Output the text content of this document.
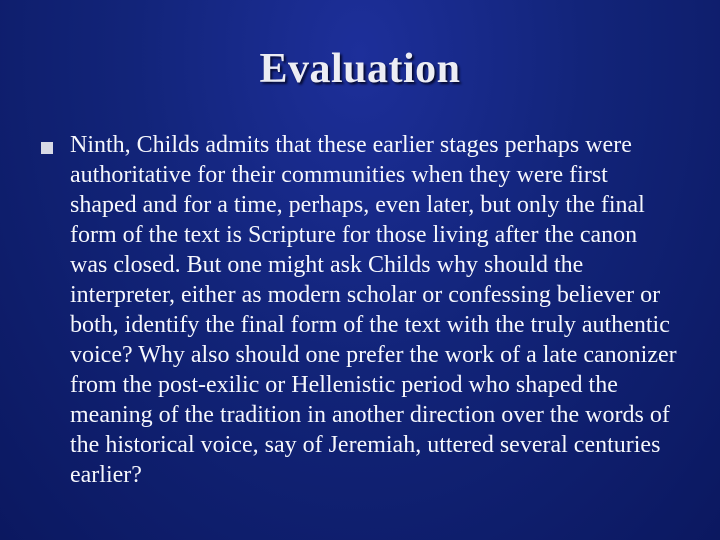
Evaluation
Ninth, Childs admits that these earlier stages perhaps were authoritative for their communities when they were first shaped and for a time, perhaps, even later, but only the final form of the text is Scripture for those living after the canon was closed. But one might ask Childs why should the interpreter, either as modern scholar or confessing believer or both, identify the final form of the text with the truly authentic voice? Why also should one prefer the work of a late canonizer from the post-exilic or Hellenistic period who shaped the meaning of the tradition in another direction over the words of the historical voice, say of Jeremiah, uttered several centuries earlier?
